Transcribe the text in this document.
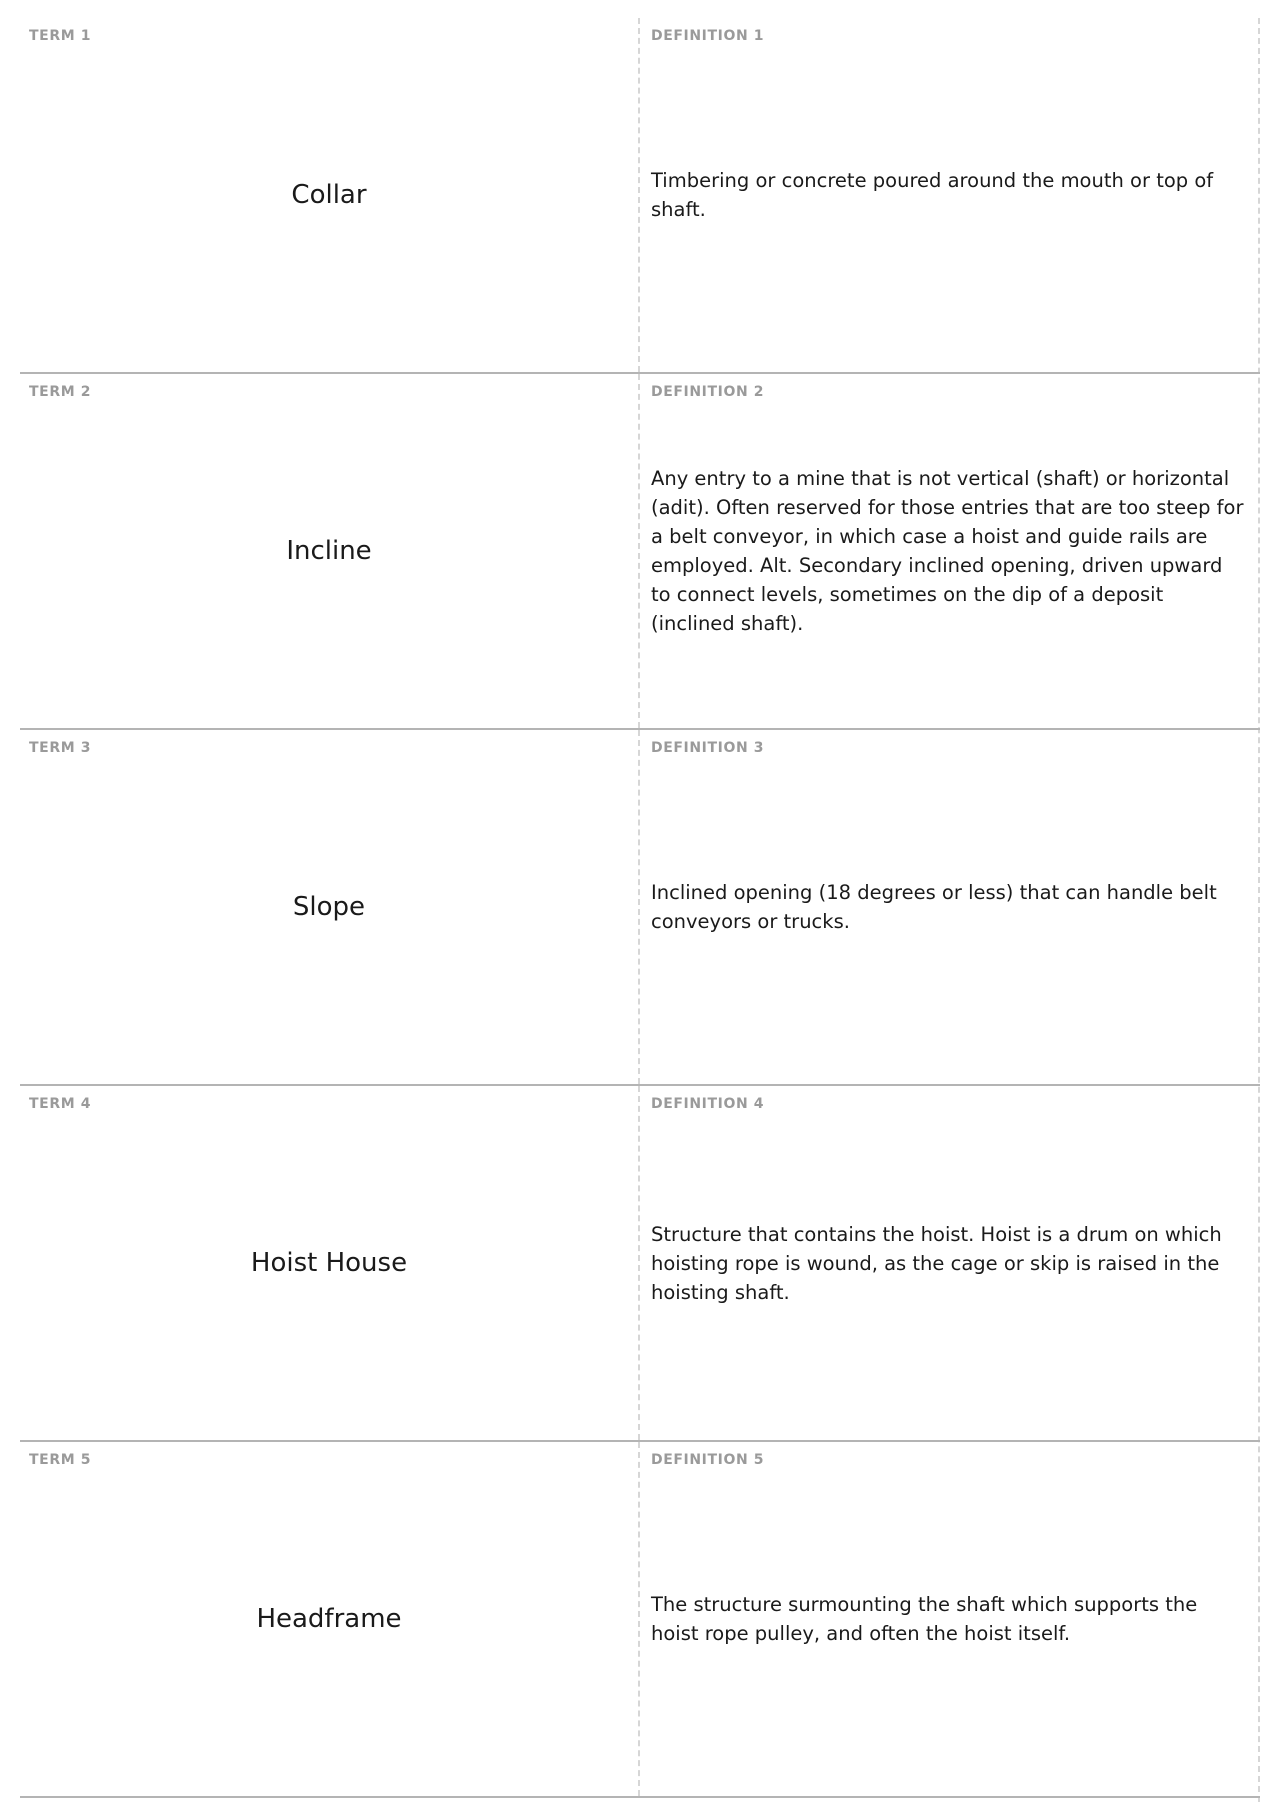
TERM 1
Collar
DEFINITION 1
Timbering or concrete poured around the mouth or top of shaft.
TERM 2
Incline
DEFINITION 2
Any entry to a mine that is not vertical (shaft) or horizontal (adit). Often reserved for those entries that are too steep for a belt conveyor, in which case a hoist and guide rails are employed. Alt. Secondary inclined opening, driven upward to connect levels, sometimes on the dip of a deposit (inclined shaft).
TERM 3
Slope
DEFINITION 3
Inclined opening (18 degrees or less) that can handle belt conveyors or trucks.
TERM 4
Hoist House
DEFINITION 4
Structure that contains the hoist. Hoist is a drum on which hoisting rope is wound, as the cage or skip is raised in the hoisting shaft.
TERM 5
Headframe
DEFINITION 5
The structure surmounting the shaft which supports the hoist rope pulley, and often the hoist itself.
